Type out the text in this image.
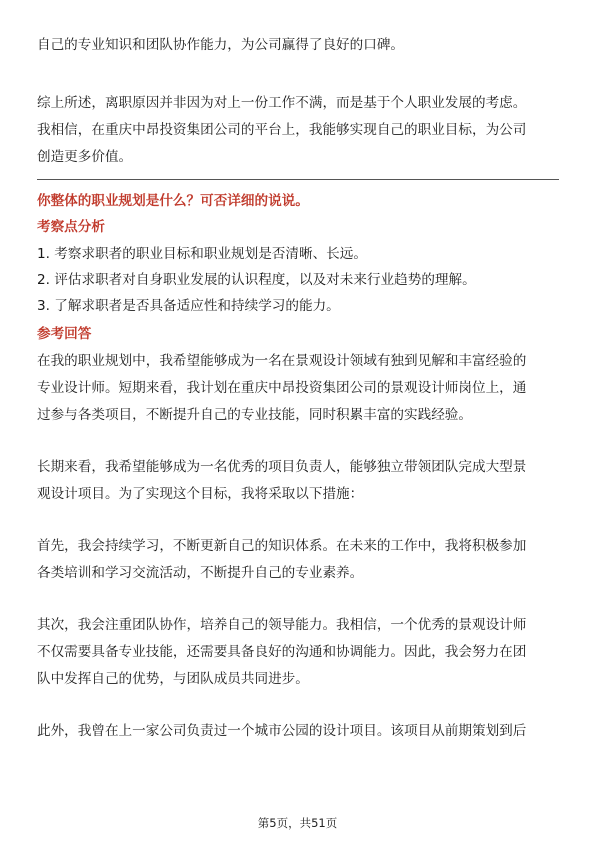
自己的专业知识和团队协作能力，为公司赢得了良好的口碑。

综上所述，离职原因并非因为对上一份工作不满，而是基于个人职业发展的考虑。
我相信，在重庆中昂投资集团公司的平台上，我能够实现自己的职业目标，为公司
创造更多价值。

你整体的职业规划是什么？可否详细的说说。

考察点分析

1. 考察求职者的职业目标和职业规划是否清晰、长远。

2. 评估求职者对自身职业发展的认识程度，以及对未来行业趋势的理解。

3. 了解求职者是否具备适应性和持续学习的能力。

参考回答

在我的职业规划中，我希望能够成为一名在景观设计领域有独到见解和丰富经验的
专业设计师。短期来看，我计划在重庆中昂投资集团公司的景观设计师岗位上，通
过参与各类项目，不断提升自己的专业技能，同时积累丰富的实践经验。

长期来看，我希望能够成为一名优秀的项目负责人，能够独立带领团队完成大型景
观设计项目。为了实现这个目标，我将采取以下措施：

首先，我会持续学习，不断更新自己的知识体系。在未来的工作中，我将积极参加
各类培训和学习交流活动，不断提升自己的专业素养。

其次，我会注重团队协作，培养自己的领导能力。我相信，一个优秀的景观设计师
不仅需要具备专业技能，还需要具备良好的沟通和协调能力。因此，我会努力在团
队中发挥自己的优势，与团队成员共同进步。

此外，我曾在上一家公司负责过一个城市公园的设计项目。该项目从前期策划到后

第5页，共51页
